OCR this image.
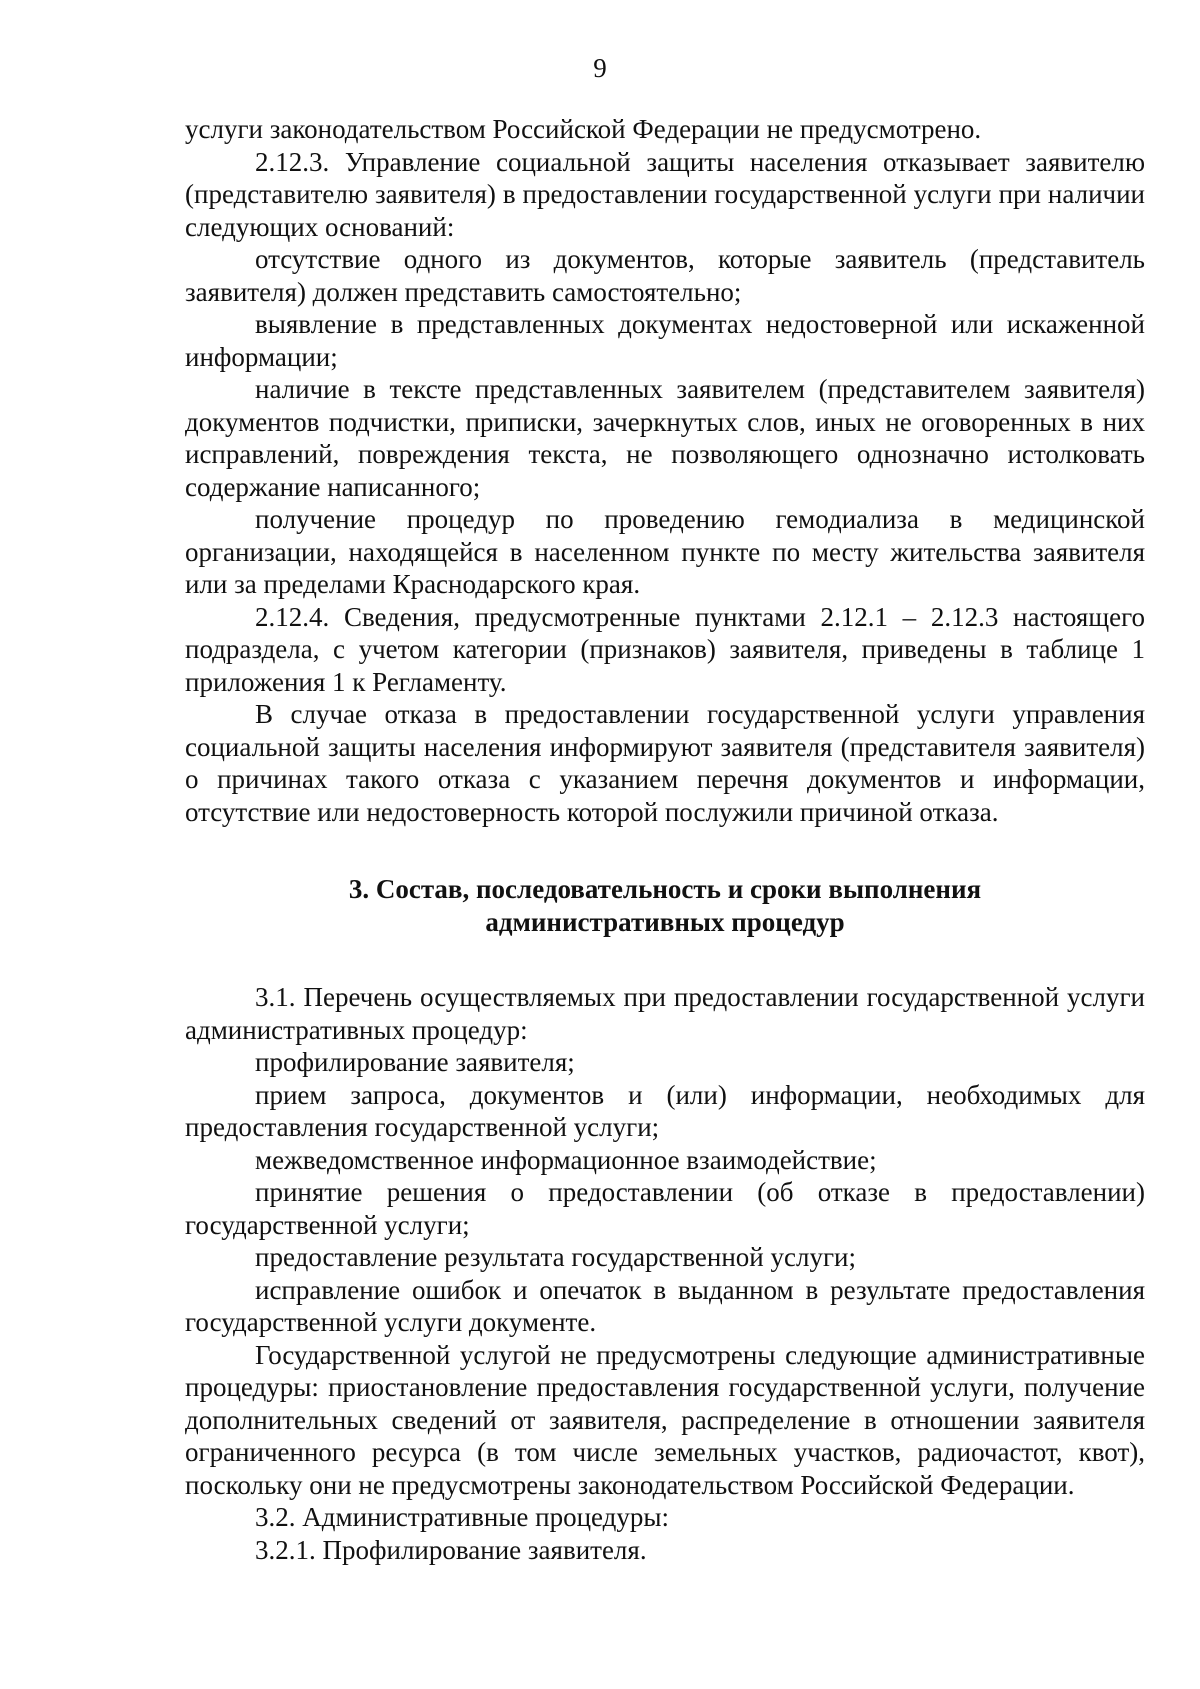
9

услуги законодательством Российской Федерации не предусмотрено.

2.12.3. Управление социальной защиты населения отказывает заявителю (представителю заявителя) в предоставлении государственной услуги при наличии следующих оснований:

отсутствие одного из документов, которые заявитель (представитель заявителя) должен представить самостоятельно;

выявление в представленных документах недостоверной или искаженной информации;

наличие в тексте представленных заявителем (представителем заявителя) документов подчистки, приписки, зачеркнутых слов, иных не оговоренных в них исправлений, повреждения текста, не позволяющего однозначно истолковать содержание написанного;

получение процедур по проведению гемодиализа в медицинской организации, находящейся в населенном пункте по месту жительства заявителя или за пределами Краснодарского края.

2.12.4. Сведения, предусмотренные пунктами 2.12.1 – 2.12.3 настоящего подраздела, с учетом категории (признаков) заявителя, приведены в таблице 1 приложения 1 к Регламенту.

В случае отказа в предоставлении государственной услуги управления социальной защиты населения информируют заявителя (представителя заявителя) о причинах такого отказа с указанием перечня документов и информации, отсутствие или недостоверность которой послужили причиной отказа.

3. Состав, последовательность и сроки выполнения
административных процедур

3.1. Перечень осуществляемых при предоставлении государственной услуги административных процедур:

профилирование заявителя;

прием запроса, документов и (или) информации, необходимых для предоставления государственной услуги;

межведомственное информационное взаимодействие;

принятие решения о предоставлении (об отказе в предоставлении) государственной услуги;

предоставление результата государственной услуги;

исправление ошибок и опечаток в выданном в результате предоставления государственной услуги документе.

Государственной услугой не предусмотрены следующие административные процедуры: приостановление предоставления государственной услуги, получение дополнительных сведений от заявителя, распределение в отношении заявителя ограниченного ресурса (в том числе земельных участков, радиочастот, квот), поскольку они не предусмотрены законодательством Российской Федерации.

3.2. Административные процедуры:

3.2.1. Профилирование заявителя.
